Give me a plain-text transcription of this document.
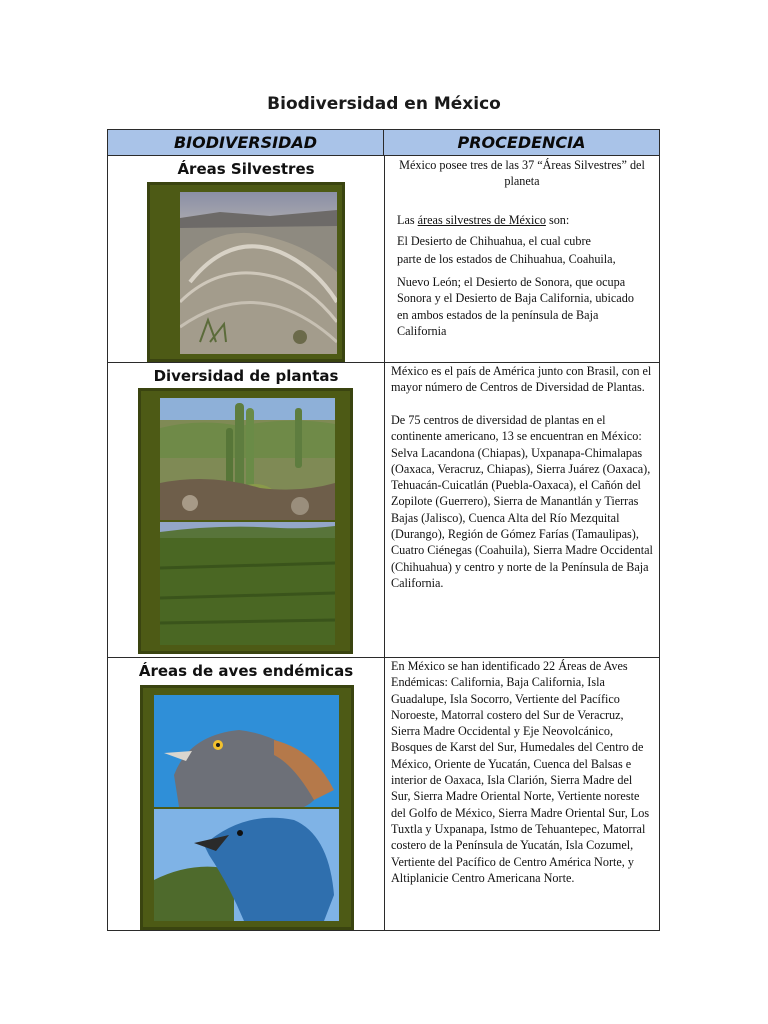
Biodiversidad en México
BIODIVERSIDAD	PROCEDENCIA
Áreas Silvestres	México posee tres de las 37 “Áreas Silvestres” del planeta
Las áreas silvestres de México son:
El Desierto de Chihuahua, el cual cubre
parte de los estados de Chihuahua, Coahuila,
Nuevo León; el Desierto de Sonora, que ocupa Sonora y el Desierto de Baja California, ubicado en ambos estados de la península de Baja California
Diversidad de plantas	México es el país de América junto con Brasil, con el mayor número de Centros de Diversidad de Plantas.
De 75 centros de diversidad de plantas en el continente americano, 13 se encuentran en México: Selva Lacandona (Chiapas), Uxpanapa-Chimalapas (Oaxaca, Veracruz, Chiapas), Sierra Juárez (Oaxaca), Tehuacán-Cuicatlán (Puebla-Oaxaca), el Cañón del Zopilote (Guerrero), Sierra de Manantlán y Tierras Bajas (Jalisco), Cuenca Alta del Río Mezquital (Durango), Región de Gómez Farías (Tamaulipas), Cuatro Ciénegas (Coahuila), Sierra Madre Occidental (Chihuahua) y centro y norte de la Península de Baja California.
Áreas de aves endémicas	En México se han identificado 22 Áreas de Aves Endémicas: California, Baja California, Isla Guadalupe, Isla Socorro, Vertiente del Pacífico Noroeste, Matorral costero del Sur de Veracruz, Sierra Madre Occidental y Eje Neovolcánico, Bosques de Karst del Sur, Humedales del Centro de México, Oriente de Yucatán, Cuenca del Balsas e interior de Oaxaca, Isla Clarión, Sierra Madre del Sur, Sierra Madre Oriental Norte, Vertiente noreste del Golfo de México, Sierra Madre Oriental Sur, Los Tuxtla y Uxpanapa, Istmo de Tehuantepec, Matorral costero de la Península de Yucatán, Isla Cozumel, Vertiente del Pacífico de Centro América Norte, y Altiplanicie Centro Americana Norte.
